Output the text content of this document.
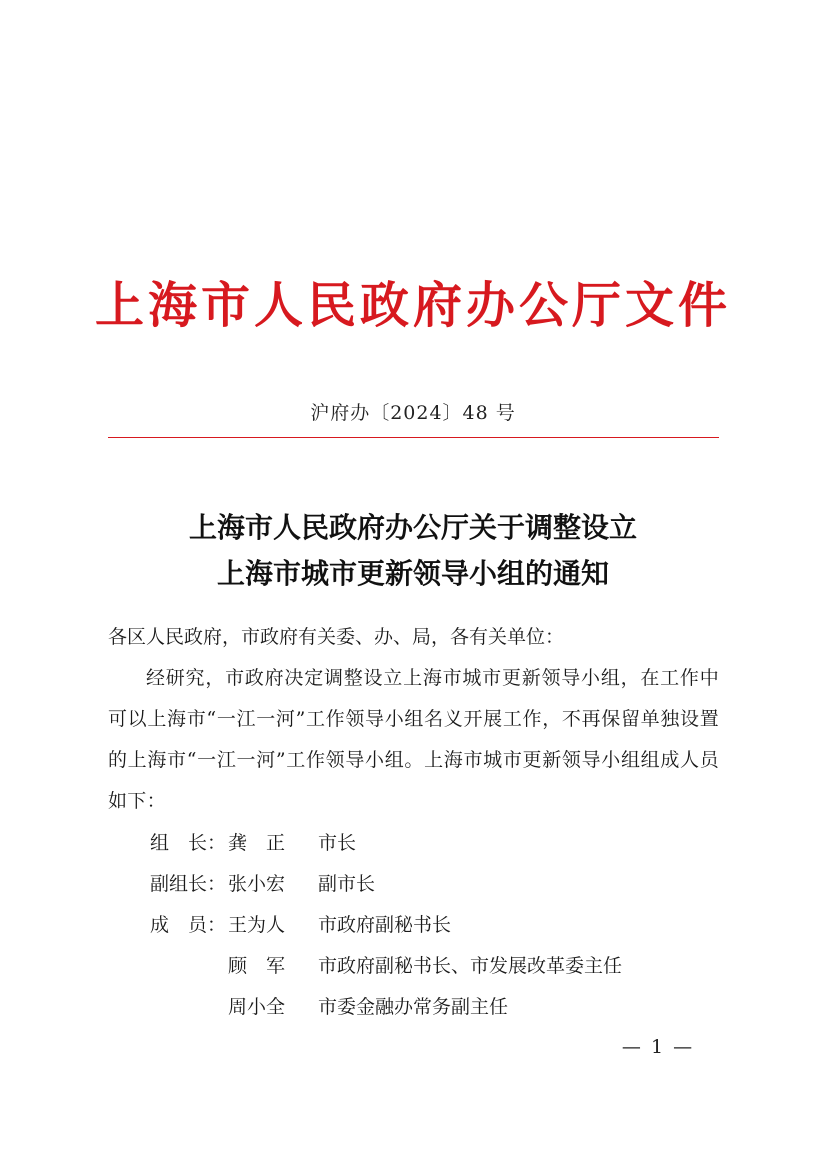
上海市人民政府办公厅文件
沪府办〔2024〕48 号
上海市人民政府办公厅关于调整设立
上海市城市更新领导小组的通知
各区人民政府，市政府有关委、办、局，各有关单位：
经研究，市政府决定调整设立上海市城市更新领导小组，在工作中可以上海市“一江一河”工作领导小组名义开展工作，不再保留单独设置的上海市“一江一河”工作领导小组。上海市城市更新领导小组组成人员如下：
组　长： 龚　正	市长
副组长： 张小宏	副市长
成　员： 王为人	市政府副秘书长
顾　军	市政府副秘书长、市发展改革委主任
周小全	市委金融办常务副主任
— 1 —
